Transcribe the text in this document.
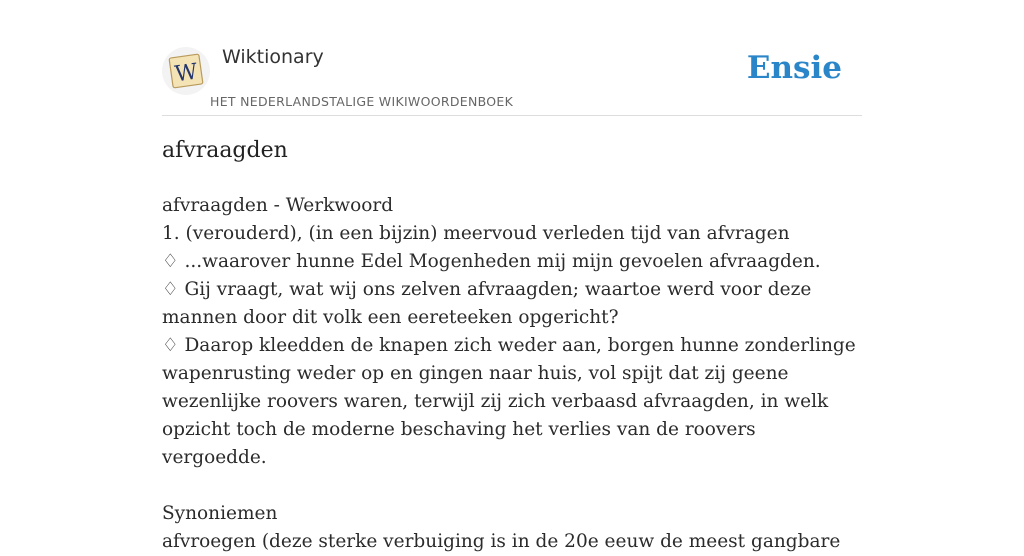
W
Wiktionary
HET NEDERLANDSTALIGE WIKIWOORDENBOEK
Ensie
afvraagden

afvraagden - Werkwoord

1. (verouderd), (in een bijzin) meervoud verleden tijd van afvragen

♢ ...waarover hunne Edel Mogenheden mij mijn gevoelen afvraagden.

♢ Gij vraagt, wat wij ons zelven afvraagden; waartoe werd voor deze mannen door dit volk een eereteeken opgericht?

♢ Daarop kleedden de knapen zich weder aan, borgen hunne zonderlinge wapenrusting weder op en gingen naar huis, vol spijt dat zij geene wezenlijke roovers waren, terwijl zij zich verbaasd afvraagden, in welk opzicht toch de moderne beschaving het verlies van de roovers vergoedde.

Synoniemen

afvroegen (deze sterke verbuiging is in de 20e eeuw de meest gangbare
